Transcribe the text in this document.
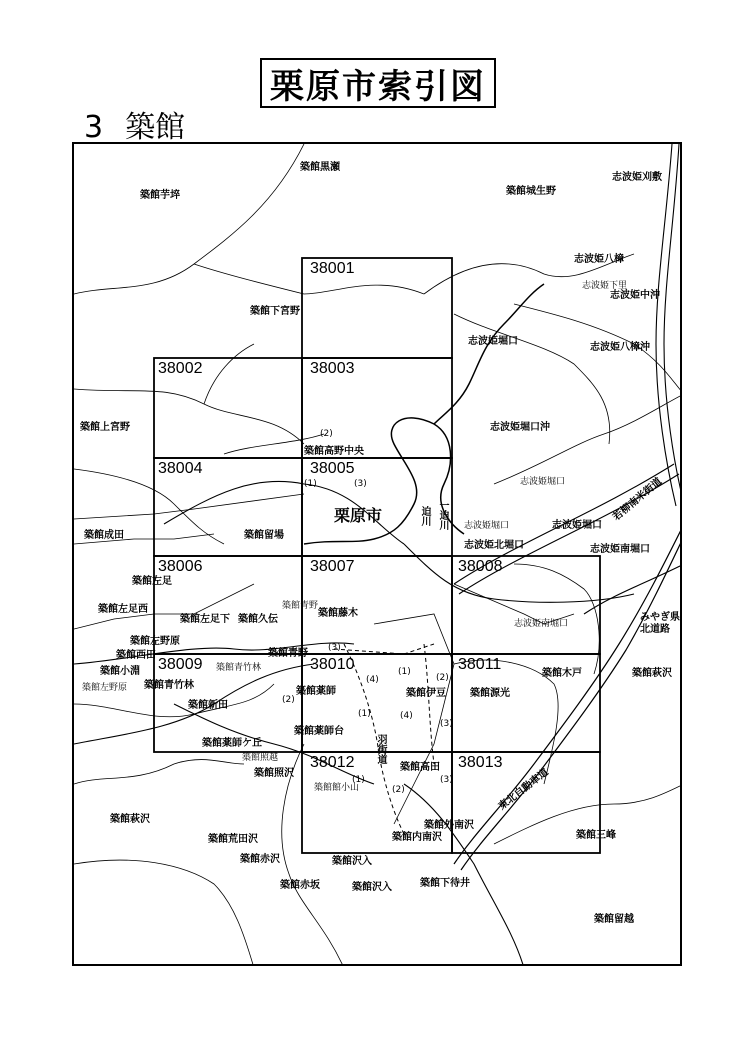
栗原市索引図
3 築館
38001
38002	38003
38004	38005
38006	38007	38008
38009	38010	38011
38012	38013
築館黒瀬
築館芋埣	築館城生野
志波姫刈敷
志波姫八樟
志波姫下里
志波姫中沖
築館下宮野
志波姫堀口
志波姫八樟沖
築館上宮野	志波姫堀口沖
築館高野中央
志波姫堀口
栗原市
築館成田	築館留場
志波姫堀口	志波姫堀口
志波姫北堀口	志波姫南堀口
築館左足
築館左足西
築館左足下 築館久伝
築館青野
築館藤木
志波姫南堀口
みやぎ県北道路
築館左野原
築館西田
築館小淵
築館左野原
築館青竹林
築館青竹林
築館青野
築館木戸	築館萩沢
築館薬師	築館伊豆 築館源光
築館新田
築館薬師台
築館薬師ケ丘
築館照越
築館照沢
築館高田
築館館小山
築館萩沢
築館外南沢
築館荒田沢	築館内南沢	築館三峰
築館赤沢	築館沢入
築館赤坂	築館沢入	築館下待井
築館留越
迫川 一迫川	若柳南米街道
羽街道
東北自動車道
(2)
(1)	(3)
(3)
(1)
(2)
(4)
(2)
(1)	(4)
(3)
(1)
(2)
(3)
